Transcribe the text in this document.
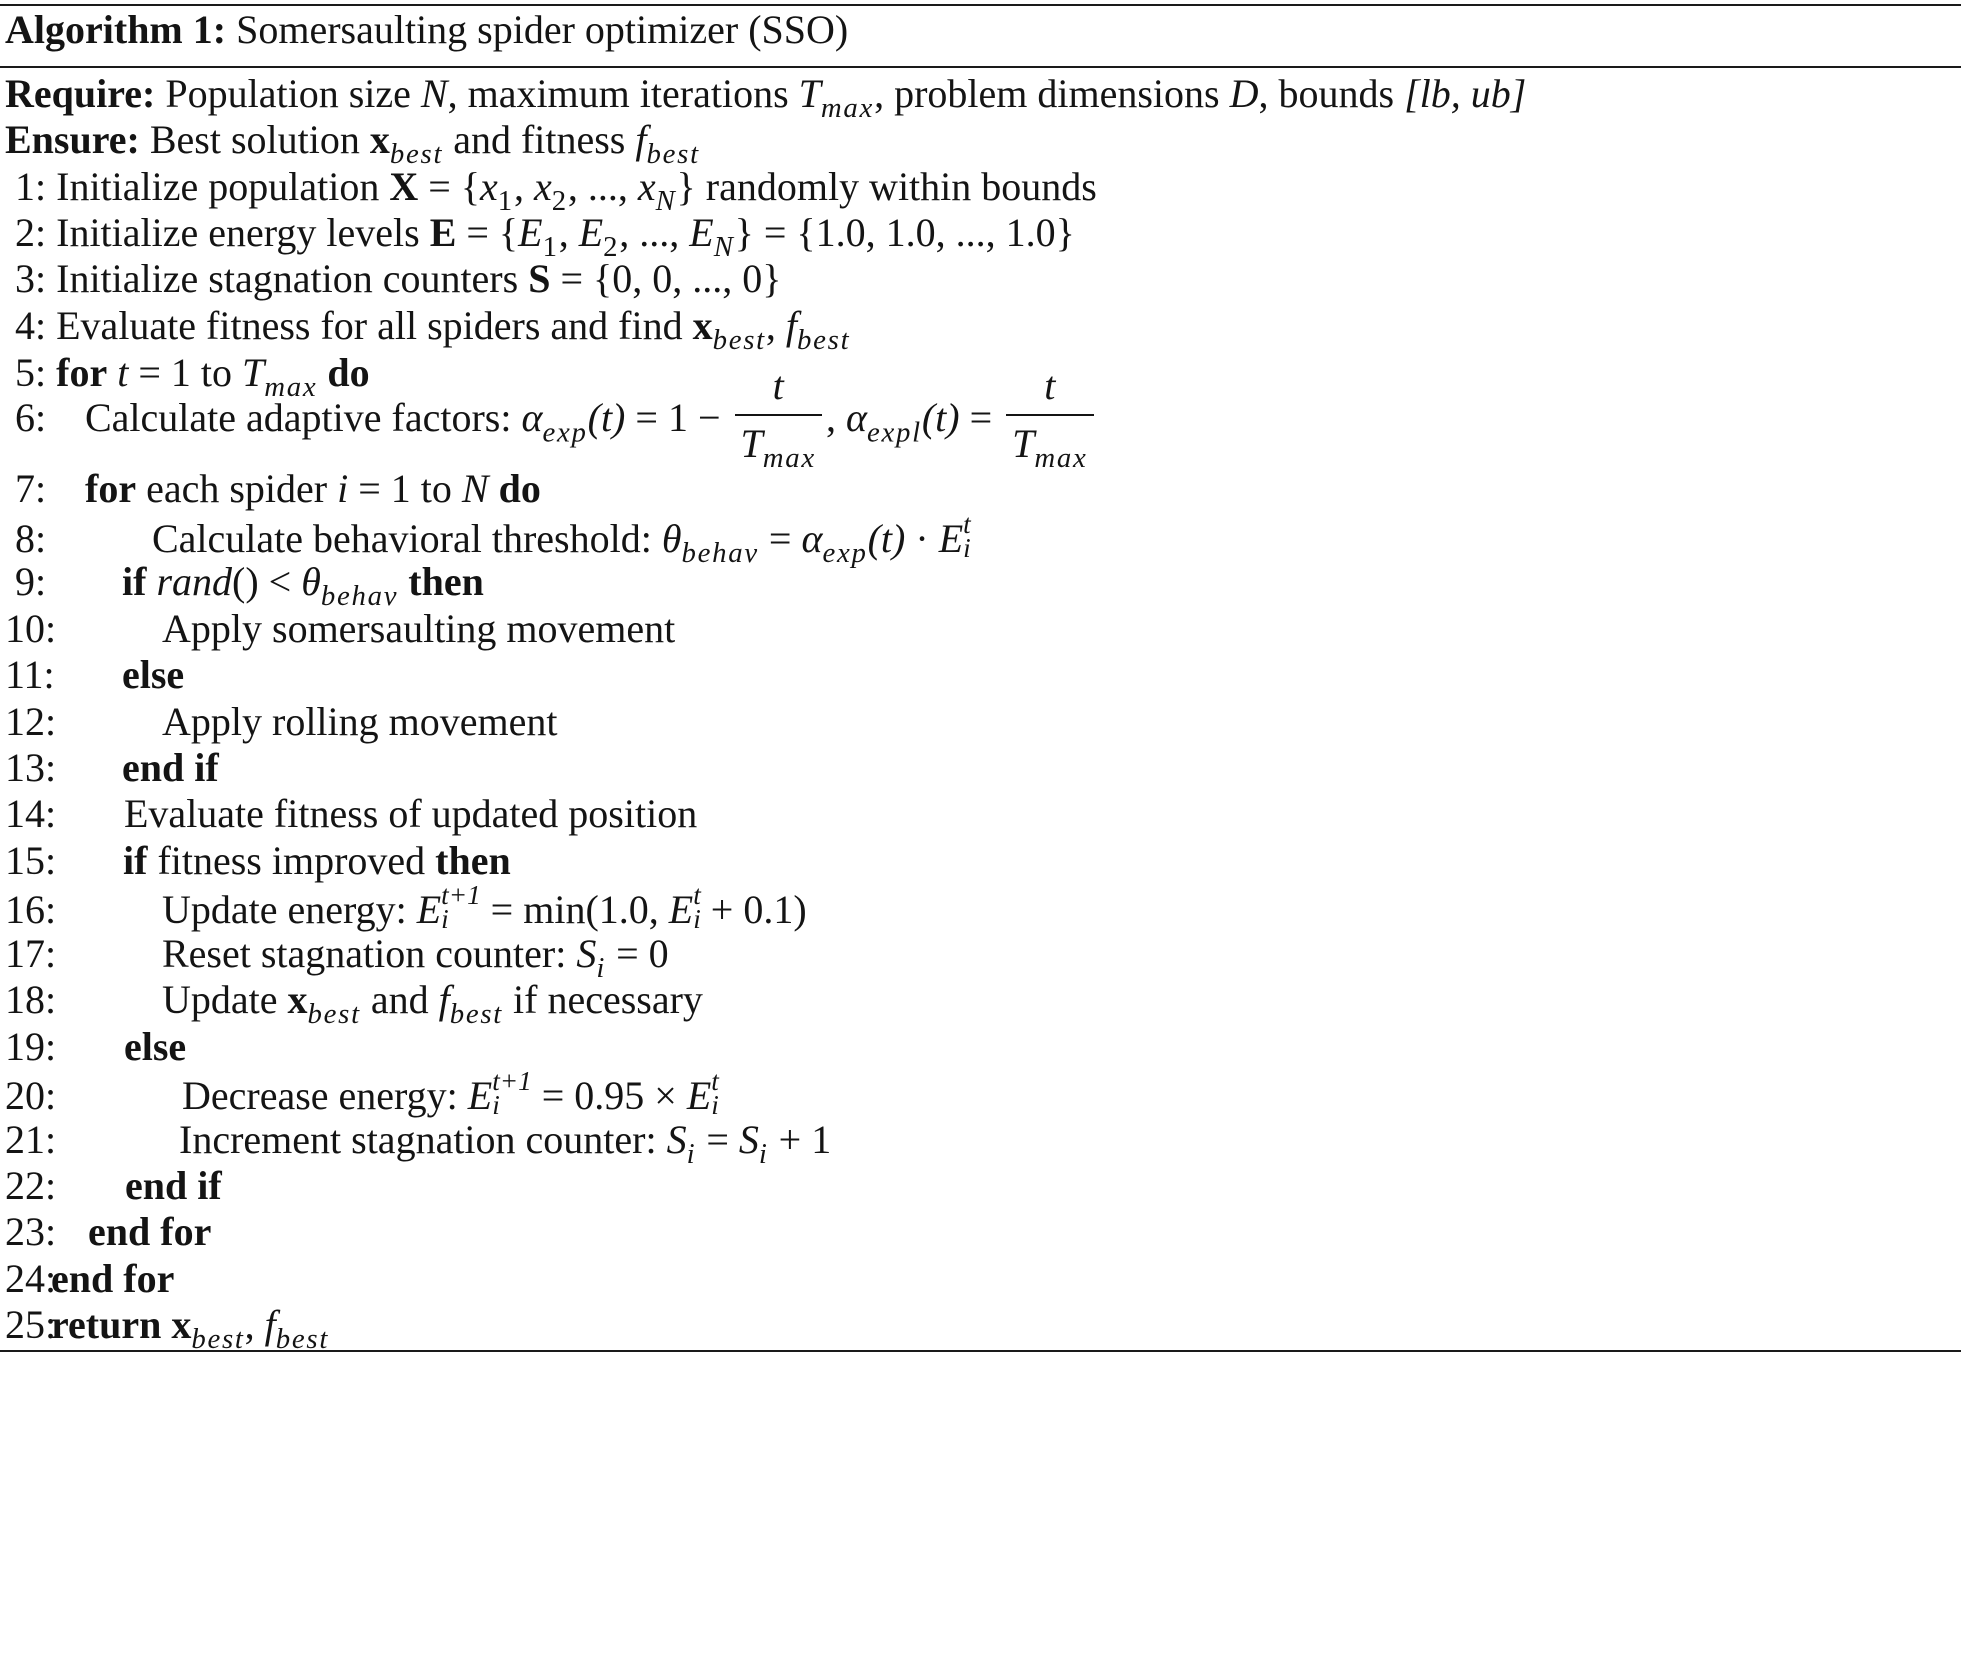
Algorithm 1: Somersaulting spider optimizer (SSO)
Require: Population size N, maximum iterations $T_{max}$, problem dimensions D, bounds [lb, ub]
Ensure: Best solution $x_{best}$ and fitness $f_{best}$
1: Initialize population $X = \{x_1$, $x_2$, ..., $x_N$} randomly within bounds
2: Initialize energy levels $E = \{E_1$, $E_2$, ..., $E_N\} = \{1.0$, 1.0, ..., 1.0}
3: Initialize stagnation counters S = {0, 0, ..., 0}
4: Evaluate fitness for all spiders and find $x_{best}$, $f_{best}$
5: for t = 1 to $T_{max}$ do
6: Calculate adaptive factors: $\alpha_{exp}(t) = 1 - \frac{t}{T_{max}}$ , $\alpha_{expl}(t) = \frac{t}{T_{max}}$
7: for each spider i = 1 to N do
8:	Calculate behavioral threshold: $\theta_{behav} = \alpha_{exp}(t) \cdot E$ t
i
9: if rand() < $\theta_{behav}$ then
10:	Apply somersaulting movement
11: else
12:	Apply rolling movement
13: end if
14: Evaluate fitness of updated position
15: if fitness improved then
16:	Update energy: E t+1
i = min(1.0, E t
i + 0.1)
17:	Reset stagnation counter: $S_i = 0$
18:	Update $x_{best}$ and $f_{best}$ if necessary
19: else
20:	Decrease energy: E t+1
i = 0.95 × E t
i
21:	Increment stagnation counter: $S_i = S_i + 1$
22: end if
23: end for
24:end for
25:return $x_{best}$, $f_{best}$
